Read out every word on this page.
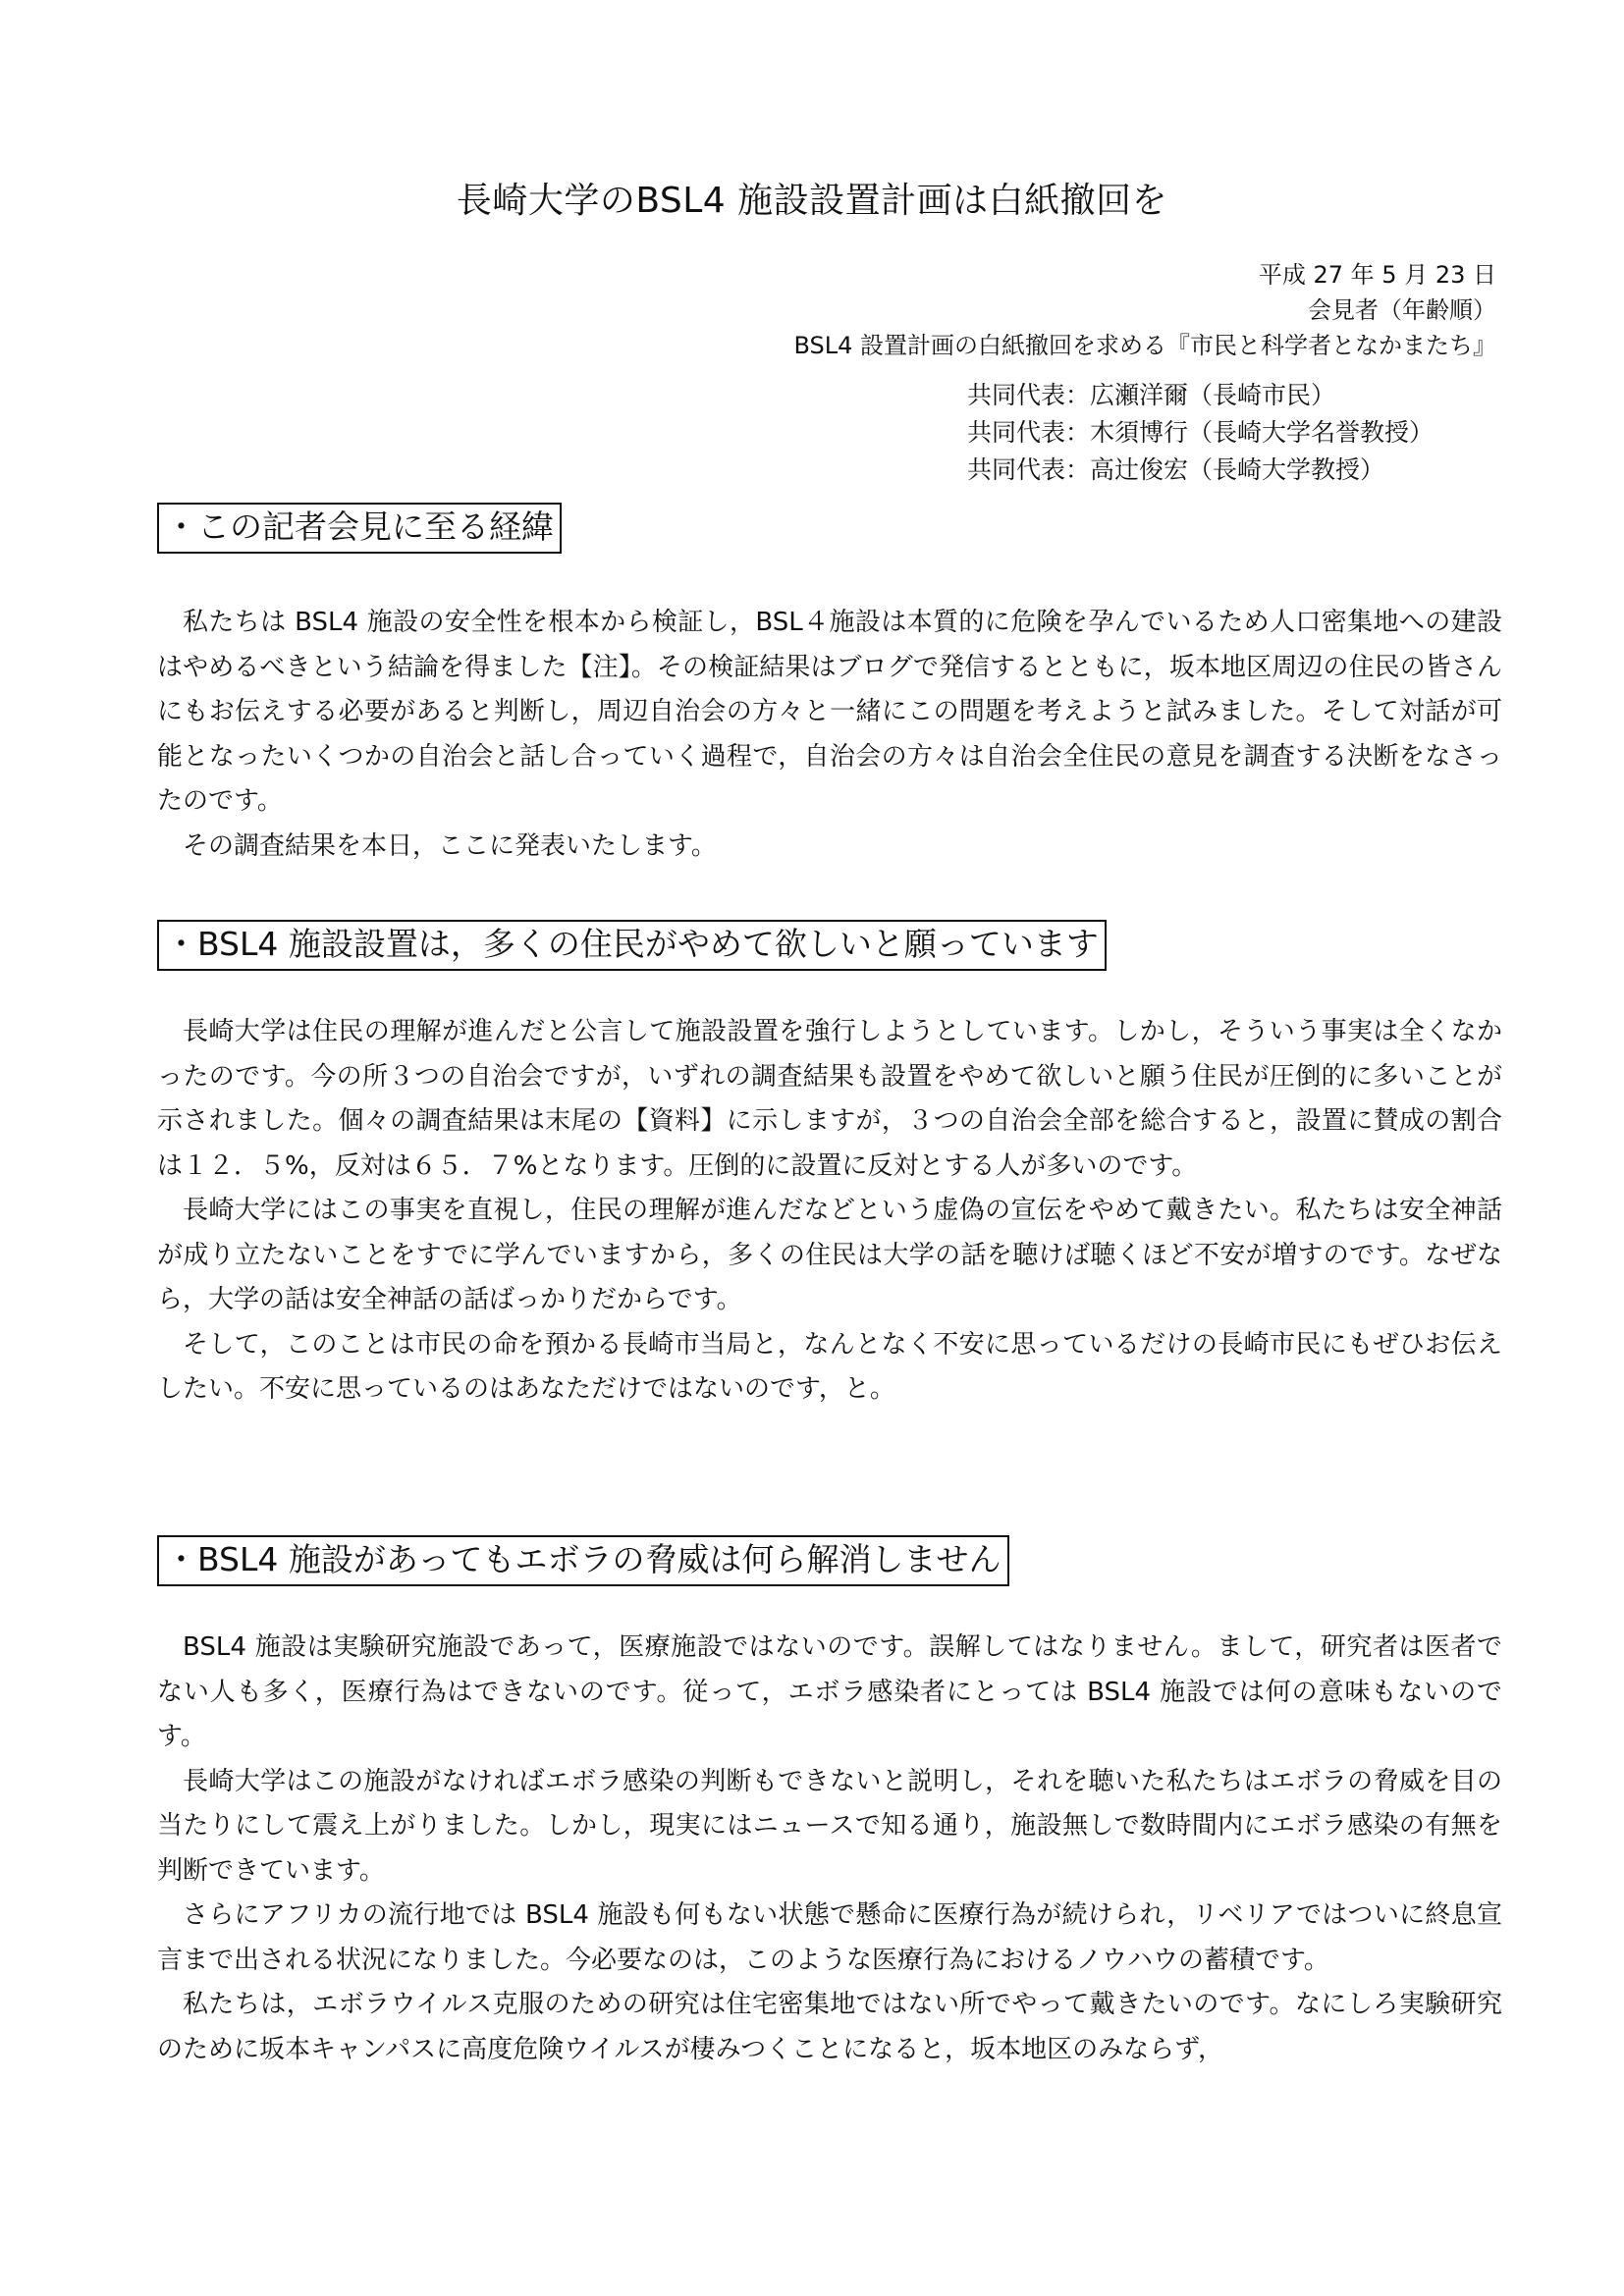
長崎大学のBSL4 施設設置計画は白紙撤回を
平成 27 年 5 月 23 日
会見者（年齢順）
BSL4 設置計画の白紙撤回を求める『市民と科学者となかまたち』
共同代表：広瀬洋爾（長崎市民）
共同代表：木須博行（長崎大学名誉教授）
共同代表：高辻俊宏（長崎大学教授）
・この記者会見に至る経緯

私たちは BSL4 施設の安全性を根本から検証し，BSL４施設は本質的に危険を孕んでいるため人口密集地への建設はやめるべきという結論を得ました【注】。その検証結果はブログで発信するとともに，坂本地区周辺の住民の皆さんにもお伝えする必要があると判断し，周辺自治会の方々と一緒にこの問題を考えようと試みました。そして対話が可能となったいくつかの自治会と話し合っていく過程で，自治会の方々は自治会全住民の意見を調査する決断をなさったのです。

その調査結果を本日，ここに発表いたします。

・BSL4 施設設置は，多くの住民がやめて欲しいと願っています

長崎大学は住民の理解が進んだと公言して施設設置を強行しようとしています。しかし，そういう事実は全くなかったのです。今の所３つの自治会ですが，いずれの調査結果も設置をやめて欲しいと願う住民が圧倒的に多いことが示されました。個々の調査結果は末尾の【資料】に示しますが，３つの自治会全部を総合すると，設置に賛成の割合は１２．５%，反対は６５．７%となります。圧倒的に設置に反対とする人が多いのです。

長崎大学にはこの事実を直視し，住民の理解が進んだなどという虚偽の宣伝をやめて戴きたい。私たちは安全神話が成り立たないことをすでに学んでいますから，多くの住民は大学の話を聴けば聴くほど不安が増すのです。なぜなら，大学の話は安全神話の話ばっかりだからです。

そして，このことは市民の命を預かる長崎市当局と，なんとなく不安に思っているだけの長崎市民にもぜひお伝えしたい。不安に思っているのはあなただけではないのです，と。

・BSL4 施設があってもエボラの脅威は何ら解消しません

BSL4 施設は実験研究施設であって，医療施設ではないのです。誤解してはなりません。まして，研究者は医者でない人も多く，医療行為はできないのです。従って，エボラ感染者にとっては BSL4 施設では何の意味もないのです。

長崎大学はこの施設がなければエボラ感染の判断もできないと説明し，それを聴いた私たちはエボラの脅威を目の当たりにして震え上がりました。しかし，現実にはニュースで知る通り，施設無しで数時間内にエボラ感染の有無を判断できています。

さらにアフリカの流行地では BSL4 施設も何もない状態で懸命に医療行為が続けられ，リベリアではついに終息宣言まで出される状況になりました。今必要なのは，このような医療行為におけるノウハウの蓄積です。

私たちは，エボラウイルス克服のための研究は住宅密集地ではない所でやって戴きたいのです。なにしろ実験研究のために坂本キャンパスに高度危険ウイルスが棲みつくことになると，坂本地区のみならず，
